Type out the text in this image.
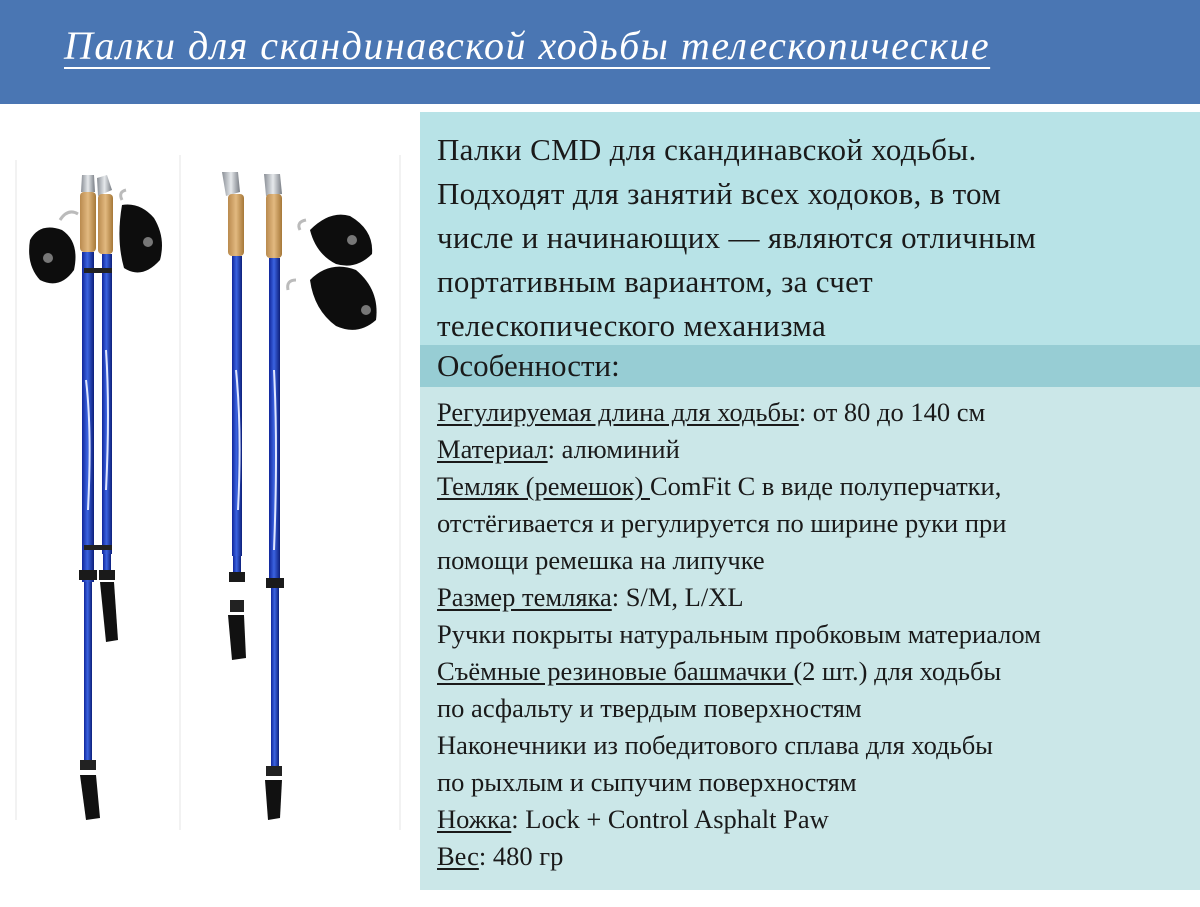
Палки для скандинавской ходьбы телескопические
Палки CMD для скандинавской ходьбы.
Подходят для занятий всех ходоков, в том
числе и начинающих — являются отличным
портативным вариантом, за счет
телескопического механизма
Особенности:
Регулируемая длина для ходьбы: от 80 до 140 см
Материал: алюминий
Темляк (ремешок) ComFit C в виде полуперчатки,
отстёгивается и регулируется по ширине руки при
помощи ремешка на липучке
Размер темляка: S/M, L/XL
Ручки покрыты натуральным пробковым материалом
Съёмные резиновые башмачки (2 шт.) для ходьбы
по асфальту и твердым поверхностям
Наконечники из победитового сплава для ходьбы
по рыхлым и сыпучим поверхностям
Ножка: Lock + Control Asphalt Paw
Вес: 480 гр
